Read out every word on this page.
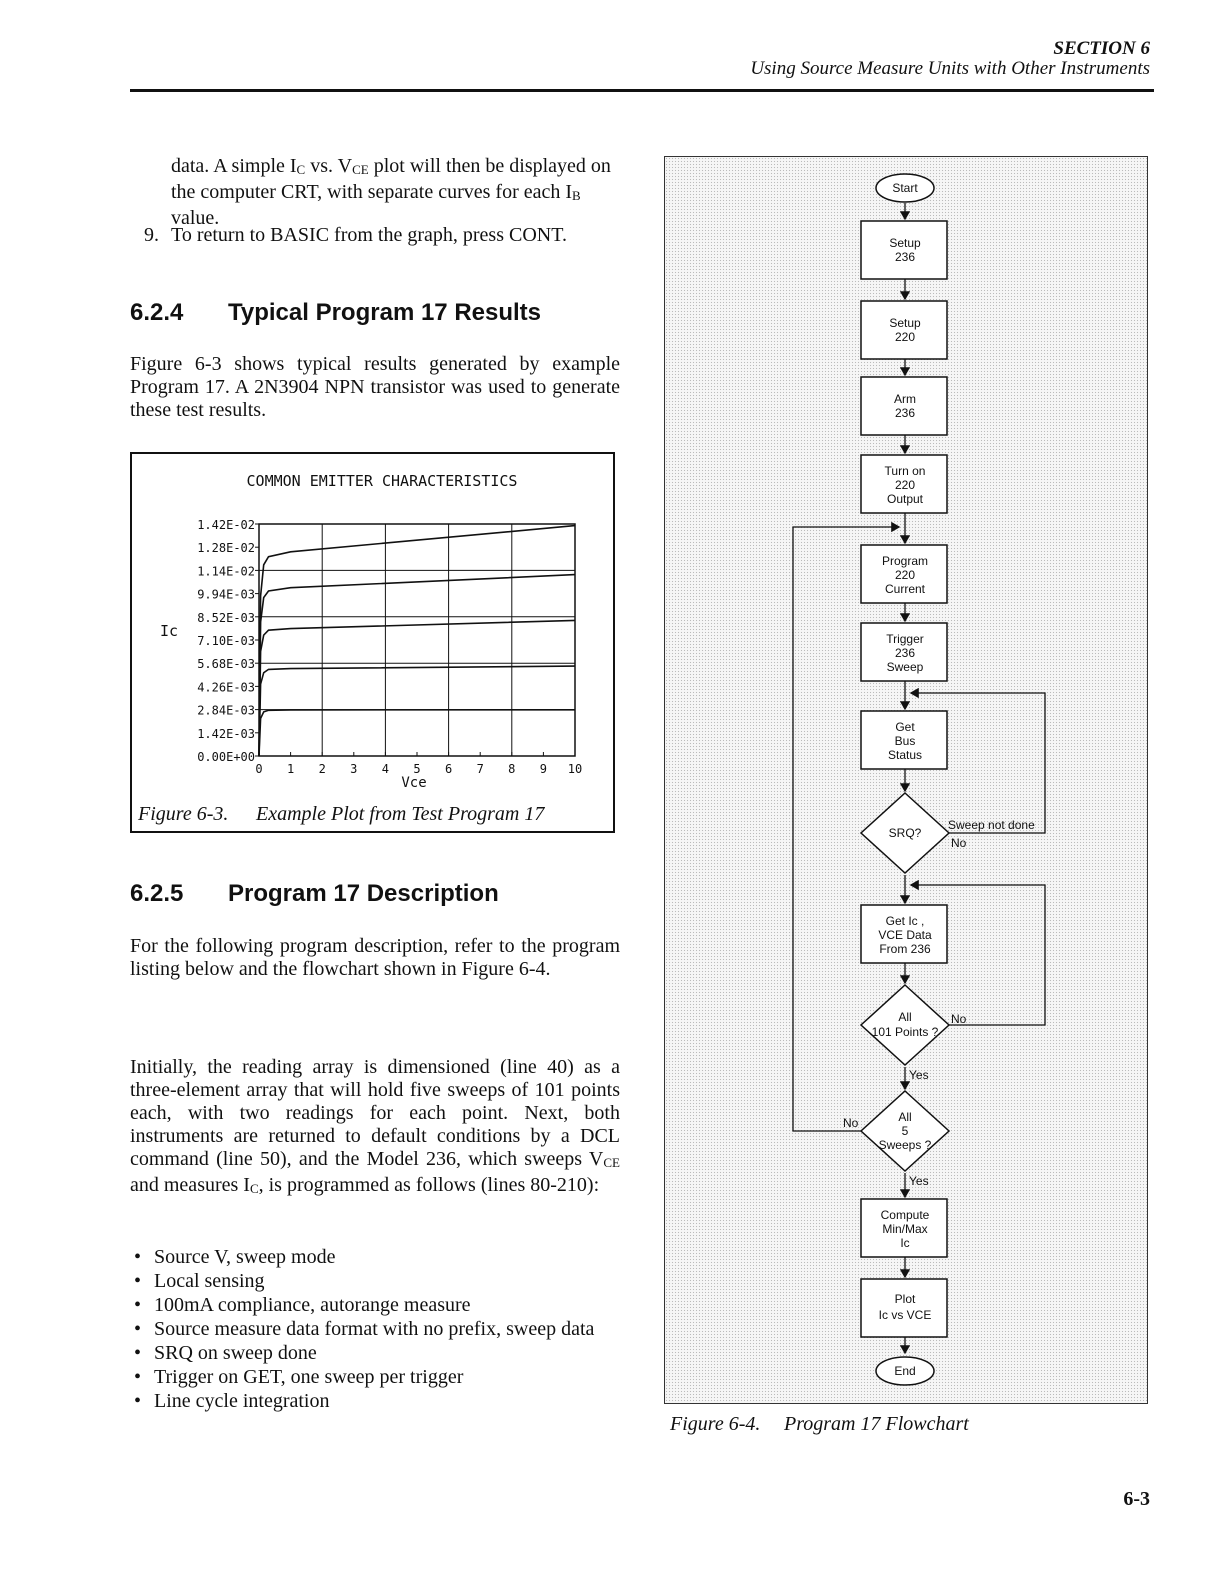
SECTION 6
Using Source Measure Units with Other Instruments
data. A simple IC vs. VCE plot will then be displayed on the computer CRT, with separate curves for each IB value.
9. To return to BASIC from the graph, press CONT.
6.2.4 Typical Program 17 Results
Figure 6-3 shows typical results generated by example Program 17. A 2N3904 NPN transistor was used to generate these test results.
COMMON EMITTER CHARACTERISTICS
Ic
Vce
1.42E-02
1.28E-02
1.14E-02
9.94E-03
8.52E-03
7.10E-03
5.68E-03
4.26E-03
2.84E-03
1.42E-03
0.00E+00
0 1 2 3 4 5 6 7 8 9 10
Figure 6-3. Example Plot from Test Program 17
6.2.5 Program 17 Description
For the following program description, refer to the program listing below and the flowchart shown in Figure 6-4.
Initially, the reading array is dimensioned (line 40) as a three-element array that will hold five sweeps of 101 points each, with two readings for each point. Next, both instruments are returned to default conditions by a DCL command (line 50), and the Model 236, which sweeps VCE and measures IC, is programmed as follows (lines 80-210):
• Source V, sweep mode
• Local sensing
• 100mA compliance, autorange measure
• Source measure data format with no prefix, sweep data
• SRQ on sweep done
• Trigger on GET, one sweep per trigger
• Line cycle integration
Start
Setup
236
Setup
220
Arm
236
Turn on
220
Output
Program
220
Current
Trigger
236
Sweep
Get
Bus
Status
SRQ?
Get Ic ,
VCE Data
From 236
All
101 Points ?
All
5
Sweeps ?
Compute
Min/Max
Ic
Plot
Ic vs VCE
End
Sweep not done
No
No
Yes
No
Yes
Figure 6-4. Program 17 Flowchart
6-3
